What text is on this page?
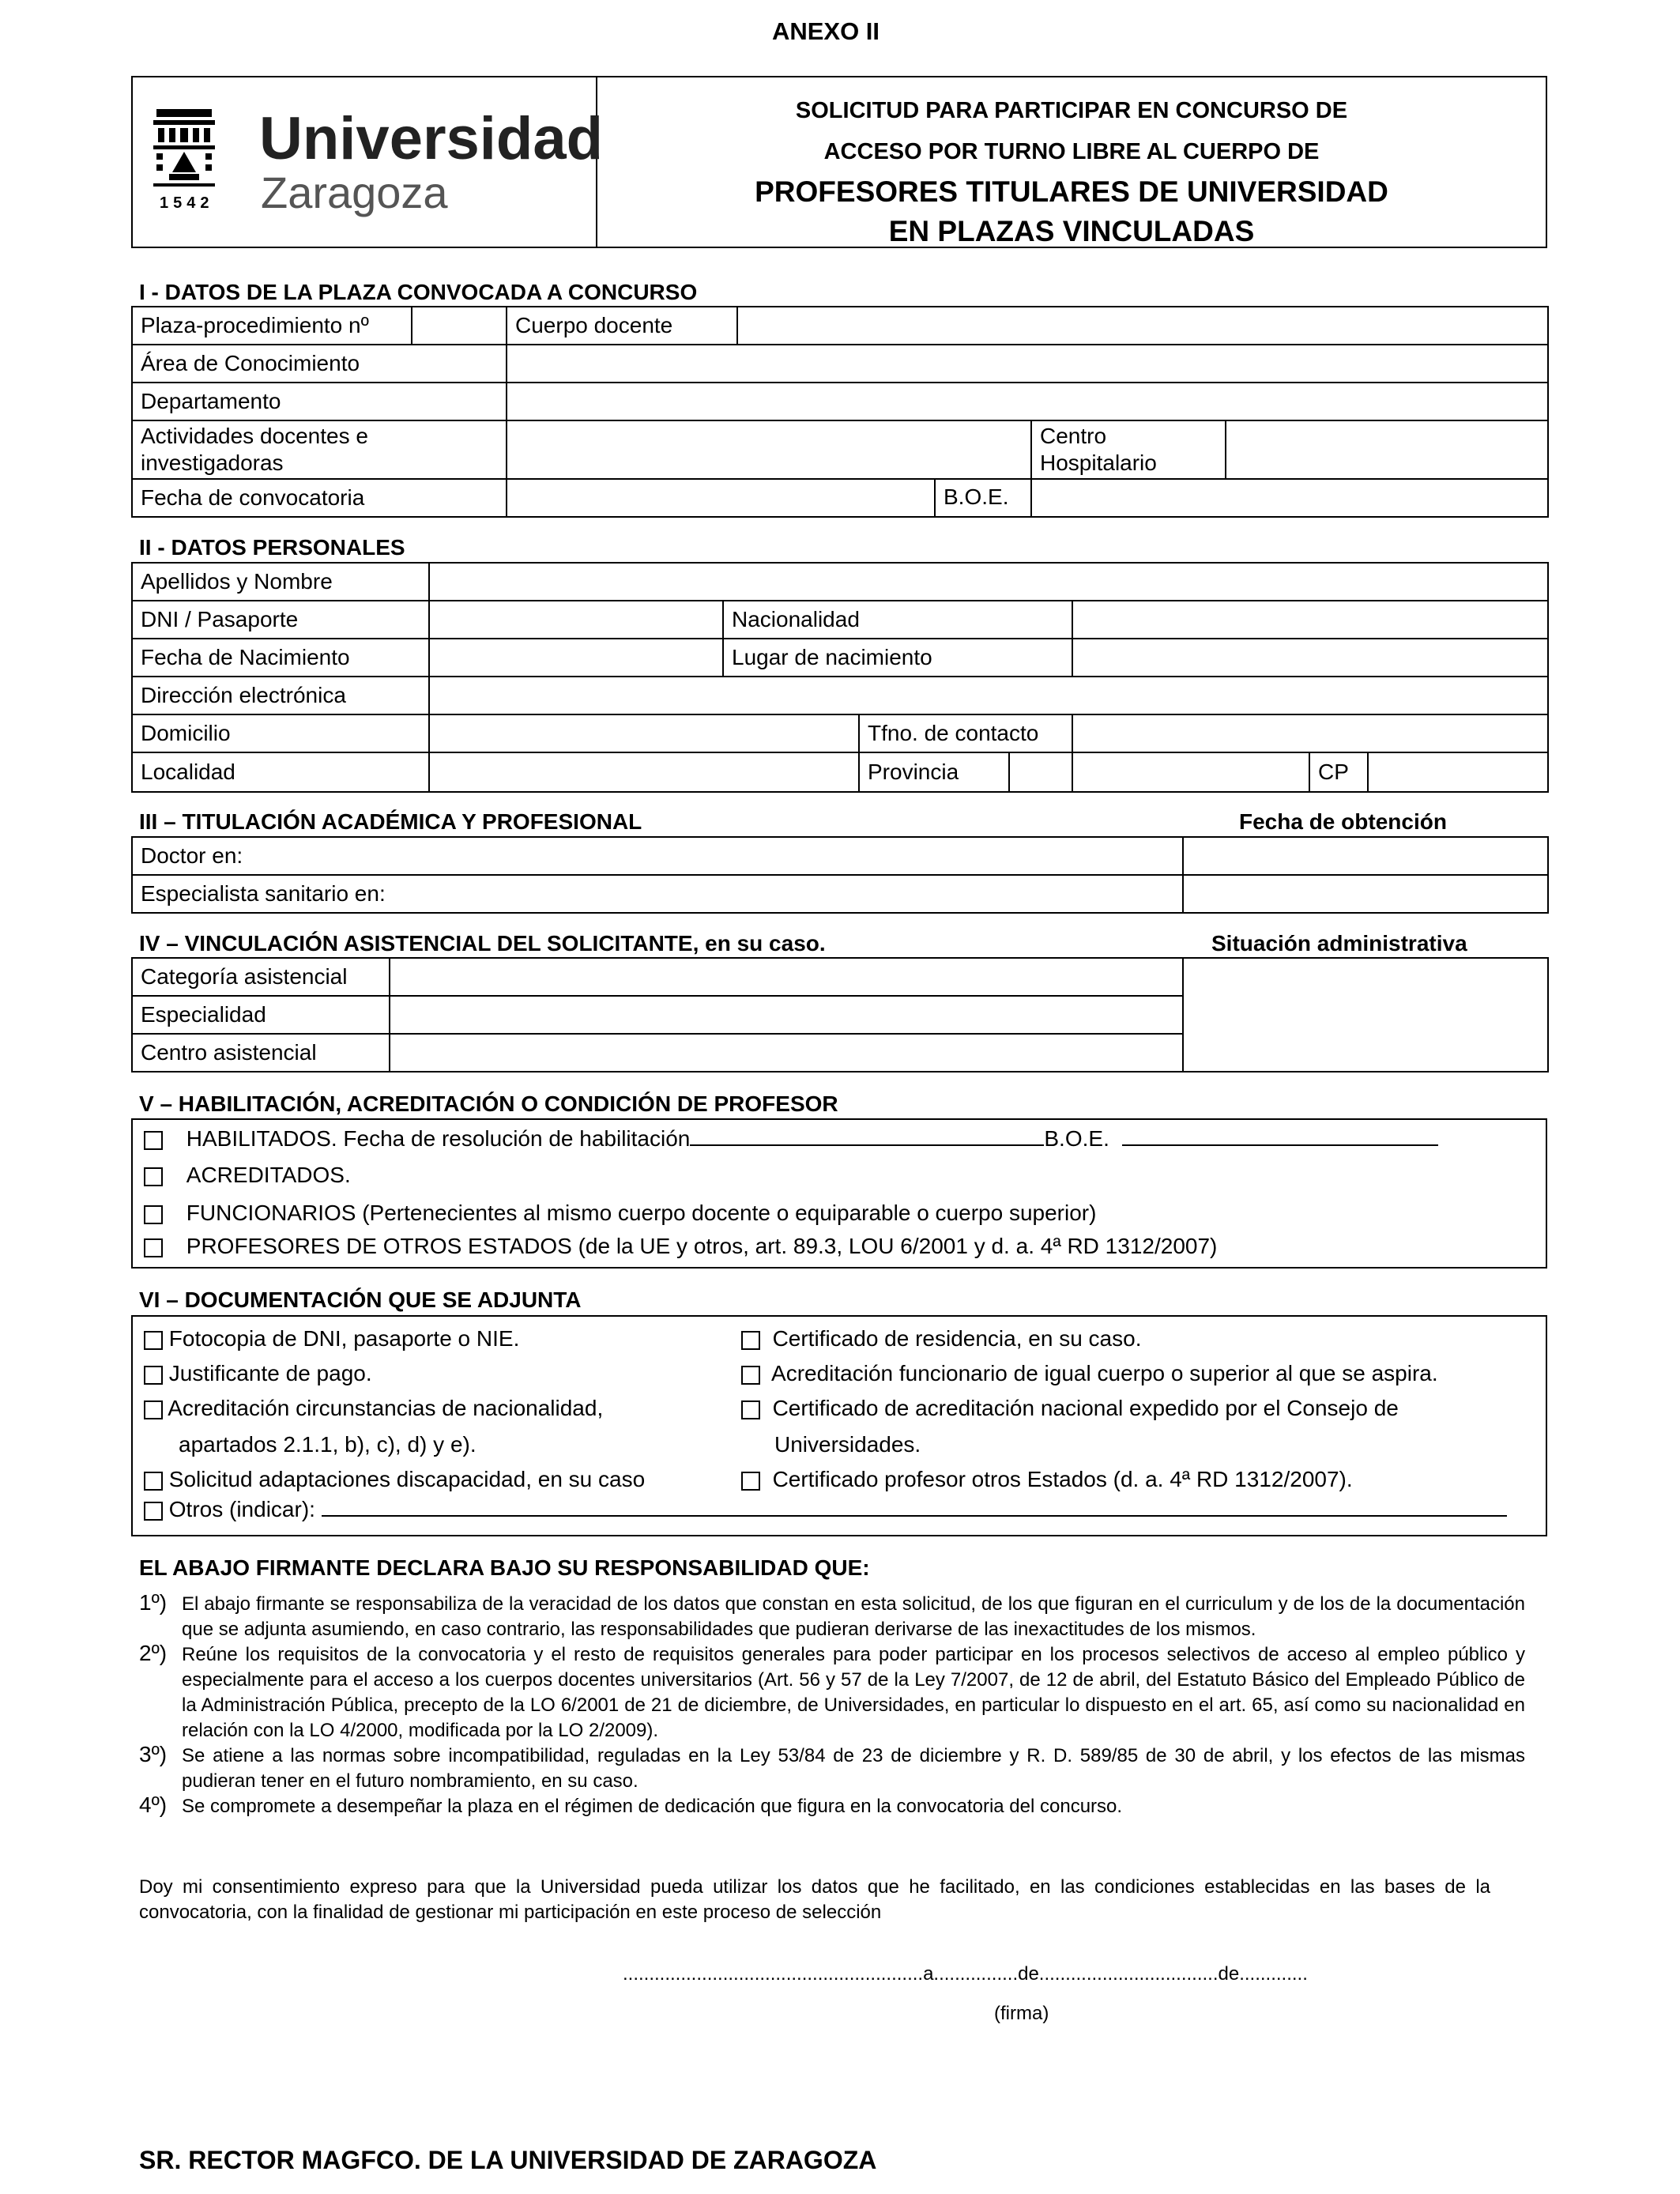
ANEXO II
1542
Universidad
Zaragoza
SOLICITUD PARA PARTICIPAR EN CONCURSO DE
ACCESO POR TURNO LIBRE AL CUERPO DE
PROFESORES TITULARES DE UNIVERSIDAD
EN PLAZAS VINCULADAS
I - DATOS DE LA PLAZA CONVOCADA A CONCURSO
Plaza-procedimiento nº		Cuerpo docente			
Área de Conocimiento					
Departamento					
Actividades docentes e
investigadoras				Centro
Hospitalario	
Fecha de convocatoria		B.O.E.			

II - DATOS PERSONALES
Apellidos y Nombre						
DNI / Pasaporte		Nacionalidad				
Fecha de Nacimiento		Lugar de nacimiento				
Dirección electrónica						
Domicilio			Tfno. de contacto			
Localidad			Provincia		CP	
III – TITULACIÓN ACADÉMICA Y PROFESIONAL	Fecha de obtención
Doctor en:	
Especialista sanitario en:	
IV – VINCULACIÓN ASISTENCIAL DEL SOLICITANTE, en su caso.	Situación administrativa
Categoría asistencial		
Especialidad		
Centro asistencial		
V – HABILITACIÓN, ACREDITACIÓN O CONDICIÓN DE PROFESOR
HABILITADOS. Fecha de resolución de habilitación	B.O.E.
ACREDITADOS.
FUNCIONARIOS (Pertenecientes al mismo cuerpo docente o equiparable o cuerpo superior)
PROFESORES DE OTROS ESTADOS (de la UE y otros, art. 89.3, LOU 6/2001 y d. a. 4ª RD 1312/2007)
VI – DOCUMENTACIÓN QUE SE ADJUNTA
Fotocopia de DNI, pasaporte o NIE.
Justificante de pago.
Acreditación circunstancias de nacionalidad,
apartados 2.1.1, b), c), d) y e).
Solicitud adaptaciones discapacidad, en su caso
Otros (indicar):
Certificado de residencia, en su caso.
Acreditación funcionario de igual cuerpo o superior al que se aspira.
Certificado de acreditación nacional expedido por el Consejo de
Universidades.
Certificado profesor otros Estados (d. a. 4ª RD 1312/2007).
EL ABAJO FIRMANTE DECLARA BAJO SU RESPONSABILIDAD QUE:
1º) El abajo firmante se responsabiliza de la veracidad de los datos que constan en esta solicitud, de los que figuran en el curriculum y de los de la documentación que se adjunta asumiendo, en caso contrario, las responsabilidades que pudieran derivarse de las inexactitudes de los mismos.
2º) Reúne los requisitos de la convocatoria y el resto de requisitos generales para poder participar en los procesos selectivos de acceso al empleo público y especialmente para el acceso a los cuerpos docentes universitarios (Art. 56 y 57 de la Ley 7/2007, de 12 de abril, del Estatuto Básico del Empleado Público de la Administración Pública, precepto de la LO 6/2001 de 21 de diciembre, de Universidades, en particular lo dispuesto en el art. 65, así como su nacionalidad en relación con la LO 4/2000, modificada por la LO 2/2009).
3º) Se atiene a las normas sobre incompatibilidad, reguladas en la Ley 53/84 de 23 de diciembre y R. D. 589/85 de 30 de abril, y los efectos de las mismas pudieran tener en el futuro nombramiento, en su caso.
4º) Se compromete a desempeñar la plaza en el régimen de dedicación que figura en la convocatoria del concurso.
Doy mi consentimiento expreso para que la Universidad pueda utilizar los datos que he facilitado, en las condiciones establecidas en las bases de la convocatoria, con la finalidad de gestionar mi participación en este proceso de selección
.........................................................a................de..................................de.............
(firma)
SR. RECTOR MAGFCO. DE LA UNIVERSIDAD DE ZARAGOZA
